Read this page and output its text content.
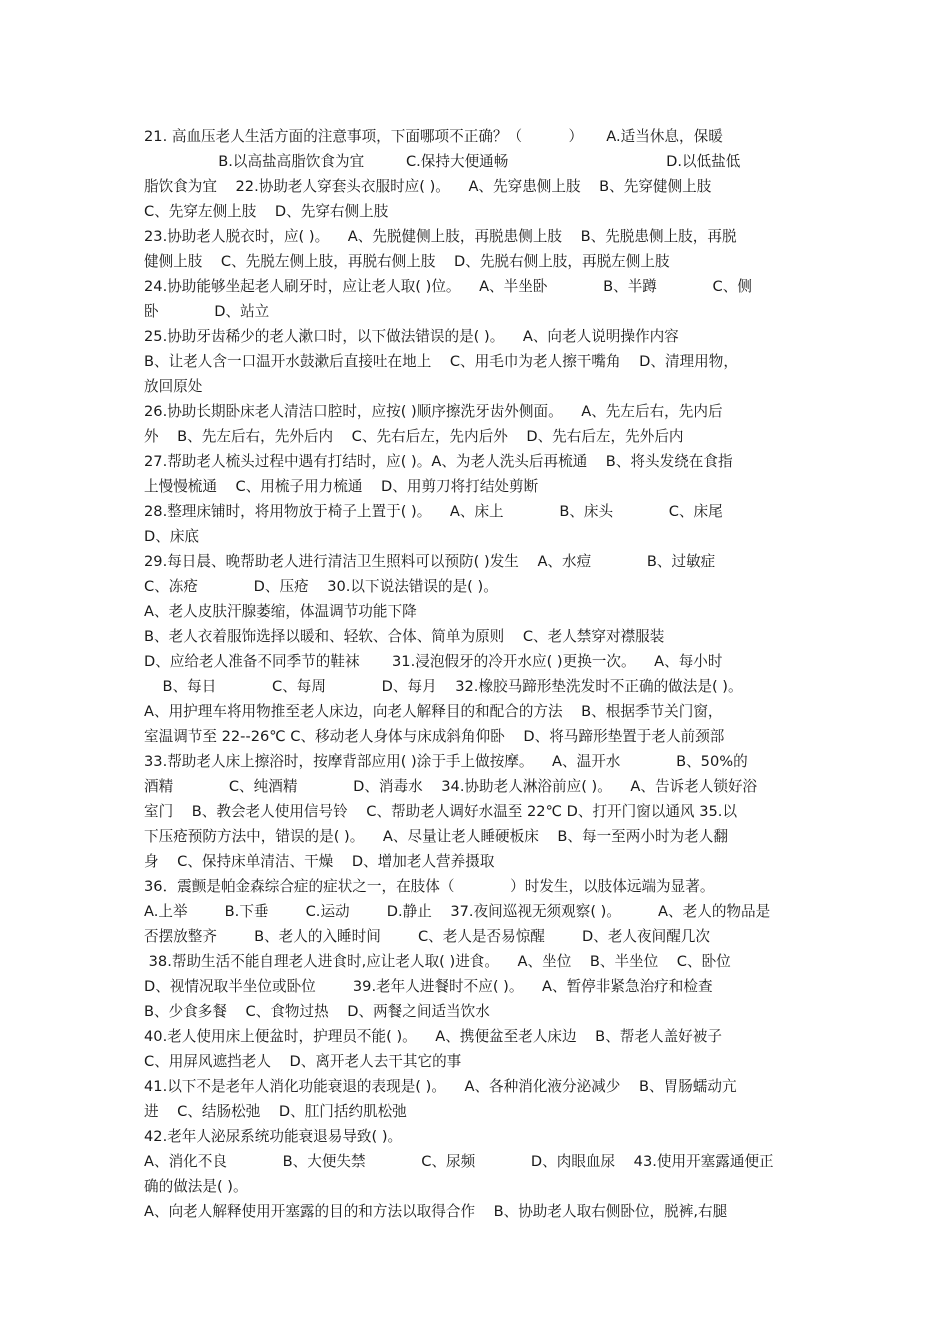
21. 高血压老人生活方面的注意事项，下面哪项不正确？（          ）     A.适当休息，保暖
B.以高盐高脂饮食为宜         C.保持大便通畅                                  D.以低盐低
脂饮食为宜    22.协助老人穿套头衣服时应( )。    A、先穿患侧上肢    B、先穿健侧上肢
C、先穿左侧上肢    D、先穿右侧上肢
23.协助老人脱衣时，应( )。    A、先脱健侧上肢，再脱患侧上肢    B、先脱患侧上肢，再脱
健侧上肢    C、先脱左侧上肢，再脱右侧上肢    D、先脱右侧上肢，再脱左侧上肢
24.协助能够坐起老人刷牙时，应让老人取( )位。    A、半坐卧            B、半蹲            C、侧
卧            D、站立
25.协助牙齿稀少的老人漱口时，以下做法错误的是( )。    A、向老人说明操作内容
B、让老人含一口温开水鼓漱后直接吐在地上    C、用毛巾为老人擦干嘴角    D、清理用物，
放回原处
26.协助长期卧床老人清洁口腔时，应按( )顺序擦洗牙齿外侧面。    A、先左后右，先内后
外    B、先左后右，先外后内    C、先右后左，先内后外    D、先右后左，先外后内
27.帮助老人梳头过程中遇有打结时，应( )。A、为老人洗头后再梳通    B、将头发绕在食指
上慢慢梳通    C、用梳子用力梳通    D、用剪刀将打结处剪断
28.整理床铺时，将用物放于椅子上置于( )。    A、床上            B、床头            C、床尾
D、床底
29.每日晨、晚帮助老人进行清洁卫生照料可以预防( )发生    A、水痘            B、过敏症
C、冻疮            D、压疮    30.以下说法错误的是( )。
A、老人皮肤汗腺萎缩，体温调节功能下降
B、老人衣着服饰选择以暖和、轻软、合体、简单为原则    C、老人禁穿对襟服装
D、应给老人准备不同季节的鞋袜       31.浸泡假牙的冷开水应( )更换一次。    A、每小时
B、每日            C、每周            D、每月    32.橡胶马蹄形垫洗发时不正确的做法是( )。
A、用护理车将用物推至老人床边，向老人解释目的和配合的方法    B、根据季节关门窗，
室温调节至 22--26℃ C、移动老人身体与床成斜角仰卧    D、将马蹄形垫置于老人前颈部
33.帮助老人床上擦浴时，按摩背部应用( )涂于手上做按摩。    A、温开水            B、50%的
酒精            C、纯酒精            D、消毒水    34.协助老人淋浴前应( )。    A、告诉老人锁好浴
室门    B、教会老人使用信号铃    C、帮助老人调好水温至 22℃ D、打开门窗以通风 35.以
下压疮预防方法中，错误的是( )。    A、尽量让老人睡硬板床    B、每一至两小时为老人翻
身    C、保持床单清洁、干燥    D、增加老人营养摄取
36．震颤是帕金森综合症的症状之一，在肢体（            ）时发生，以肢体远端为显著。
A.上举        B.下垂        C.运动        D.静止    37.夜间巡视无须观察( )。        A、老人的物品是
否摆放整齐        B、老人的入睡时间        C、老人是否易惊醒        D、老人夜间醒几次
38.帮助生活不能自理老人进食时,应让老人取( )进食。    A、坐位    B、半坐位    C、卧位
D、视情况取半坐位或卧位        39.老年人进餐时不应( )。    A、暂停非紧急治疗和检查
B、少食多餐    C、食物过热    D、两餐之间适当饮水
40.老人使用床上便盆时，护理员不能( )。    A、携便盆至老人床边    B、帮老人盖好被子
C、用屏风遮挡老人    D、离开老人去干其它的事
41.以下不是老年人消化功能衰退的表现是( )。    A、各种消化液分泌减少    B、胃肠蠕动亢
进    C、结肠松弛    D、肛门括约肌松弛
42.老年人泌尿系统功能衰退易导致( )。
A、消化不良            B、大便失禁            C、尿频            D、肉眼血尿    43.使用开塞露通便正
确的做法是( )。
A、向老人解释使用开塞露的目的和方法以取得合作    B、协助老人取右侧卧位，脱裤,右腿
